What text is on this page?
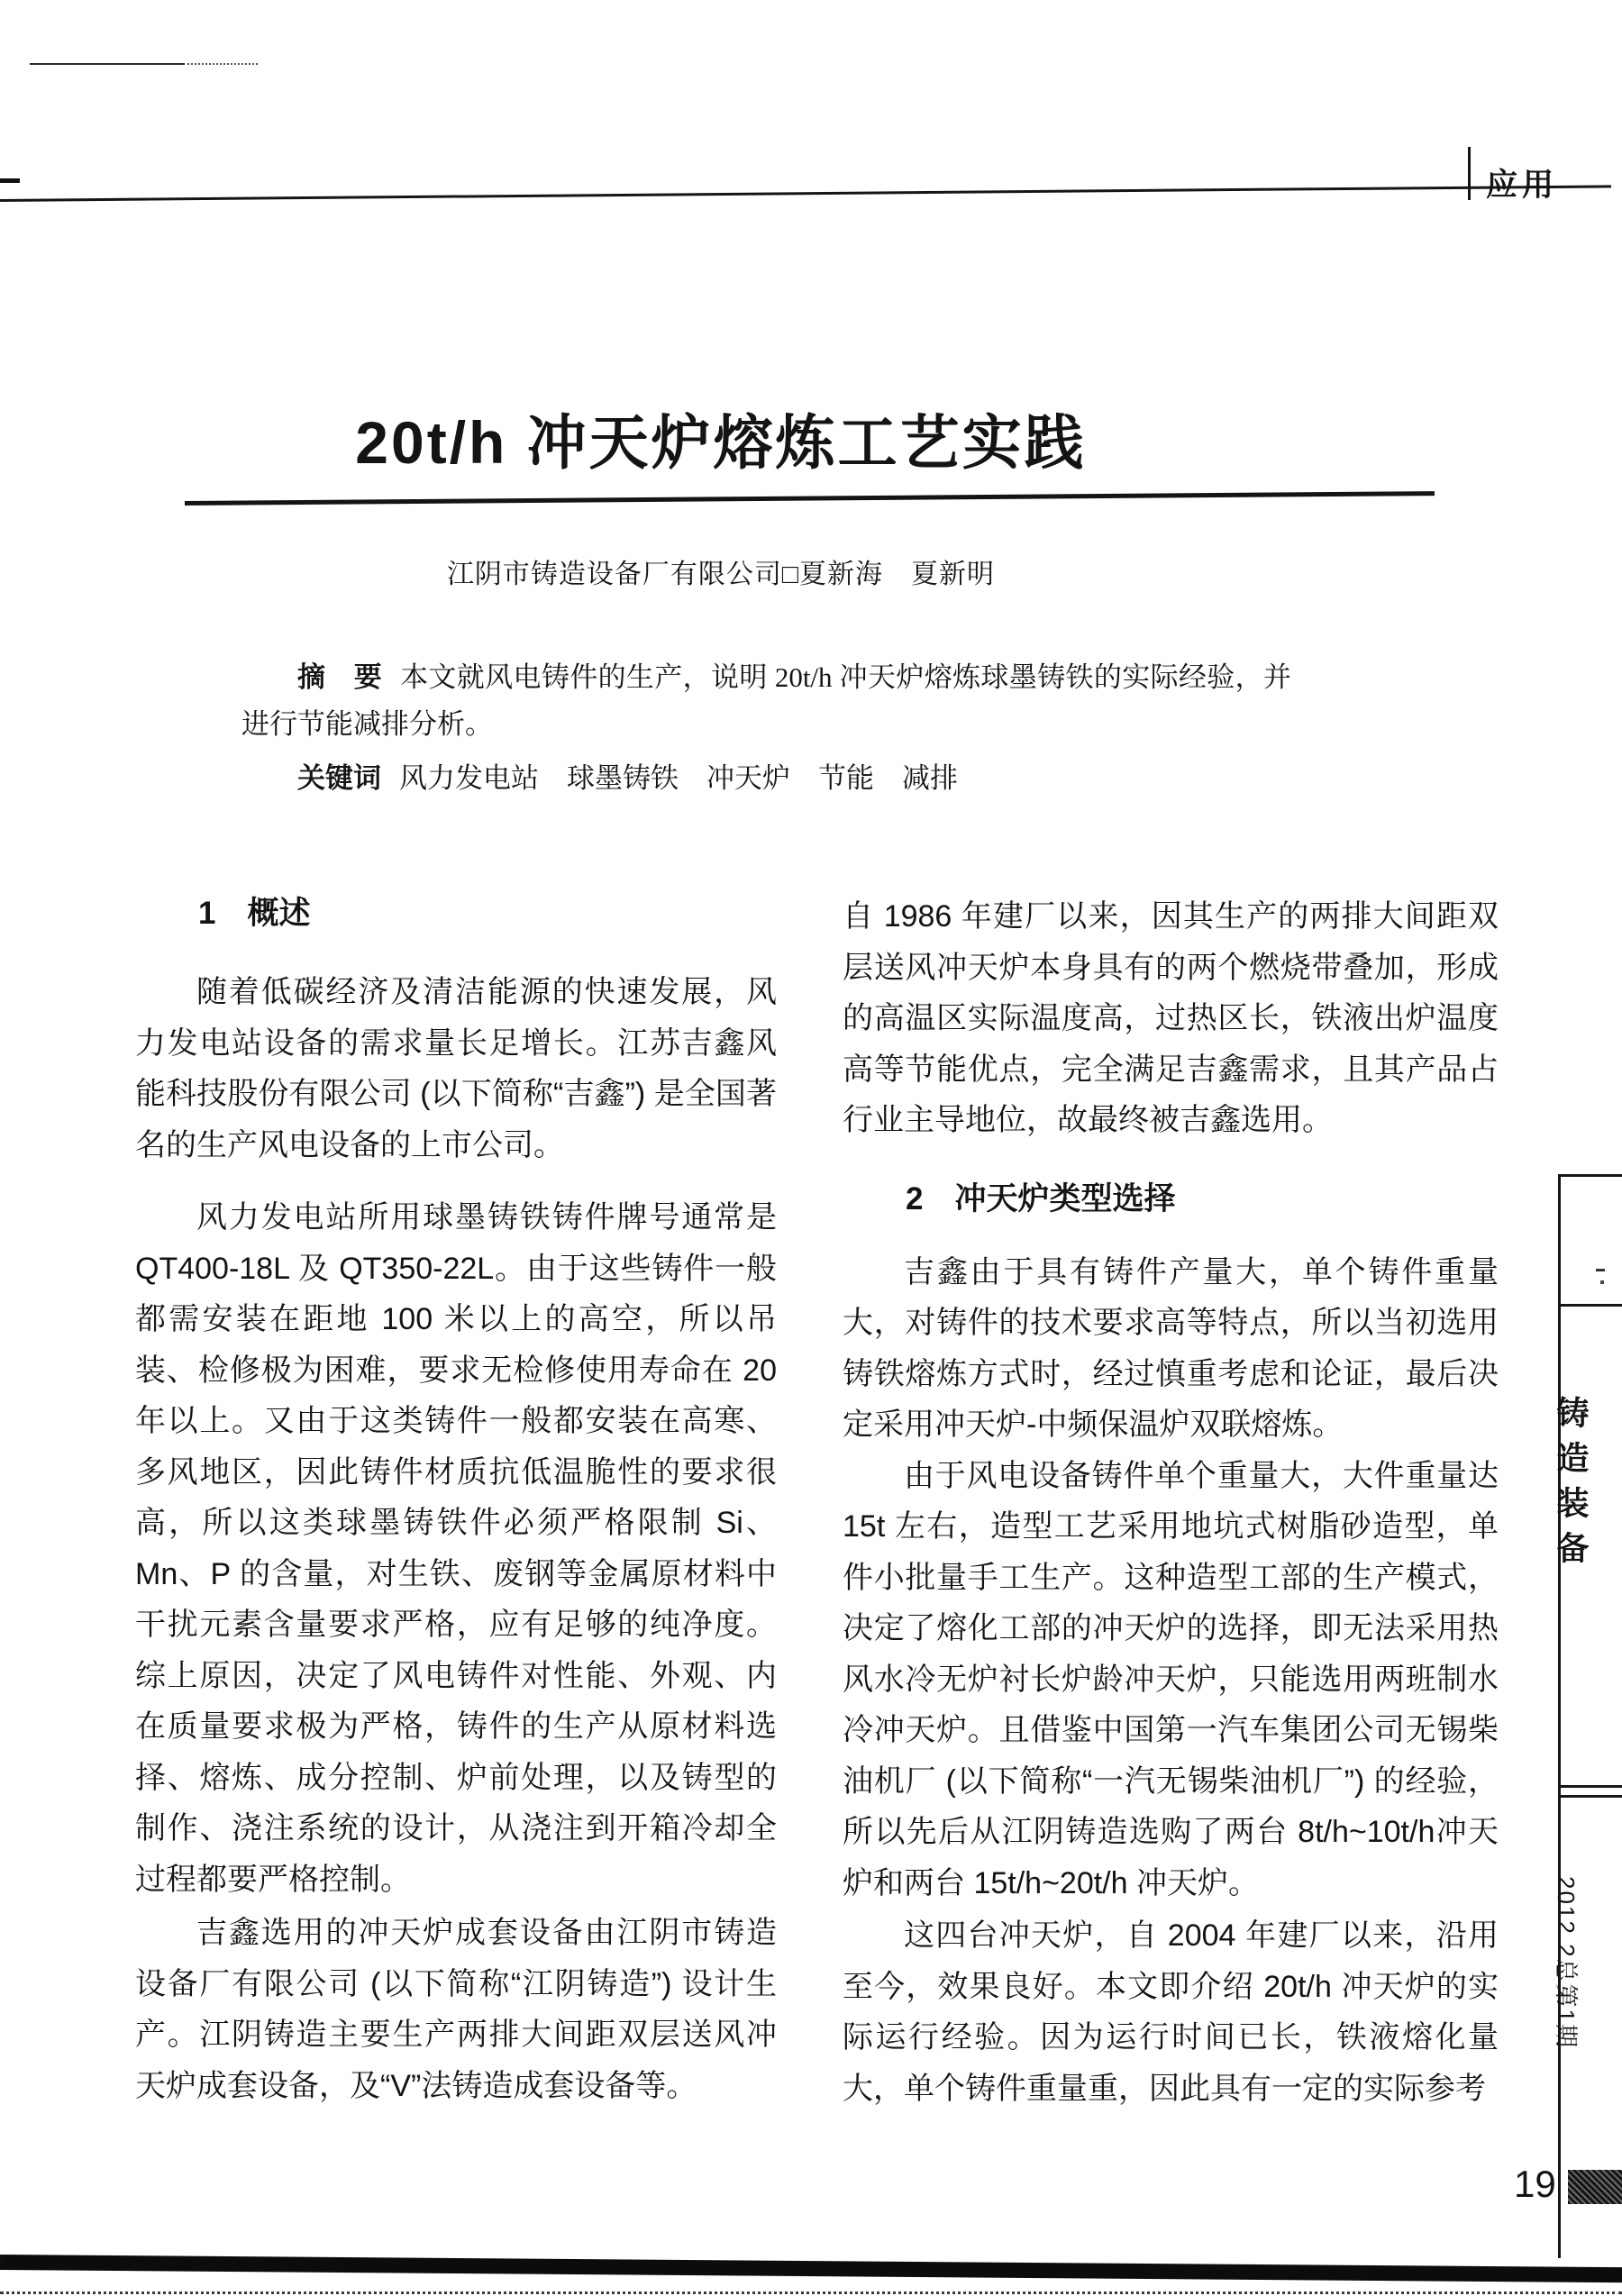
应用
20t/h 冲天炉熔炼工艺实践
江阴市铸造设备厂有限公司□夏新海　夏新明
摘　要 本文就风电铸件的生产，说明 20t/h 冲天炉熔炼球墨铸铁的实际经验，并进行节能减排分析。
关键词 风力发电站　球墨铸铁　冲天炉　节能　减排
1　概述

随着低碳经济及清洁能源的快速发展，风力发电站设备的需求量长足增长。江苏吉鑫风能科技股份有限公司 (以下简称“吉鑫”) 是全国著名的生产风电设备的上市公司。

风力发电站所用球墨铸铁铸件牌号通常是QT400-18L 及 QT350-22L。由于这些铸件一般都需安装在距地 100 米以上的高空，所以吊装、检修极为困难，要求无检修使用寿命在 20年以上。又由于这类铸件一般都安装在高寒、多风地区，因此铸件材质抗低温脆性的要求很高，所以这类球墨铸铁件必须严格限制 Si、Mn、P 的含量，对生铁、废钢等金属原材料中干扰元素含量要求严格，应有足够的纯净度。综上原因，决定了风电铸件对性能、外观、内在质量要求极为严格，铸件的生产从原材料选择、熔炼、成分控制、炉前处理，以及铸型的制作、浇注系统的设计，从浇注到开箱冷却全过程都要严格控制。

吉鑫选用的冲天炉成套设备由江阴市铸造设备厂有限公司 (以下简称“江阴铸造”) 设计生产。江阴铸造主要生产两排大间距双层送风冲天炉成套设备，及“V”法铸造成套设备等。

自 1986 年建厂以来，因其生产的两排大间距双层送风冲天炉本身具有的两个燃烧带叠加，形成的高温区实际温度高，过热区长，铁液出炉温度高等节能优点，完全满足吉鑫需求，且其产品占行业主导地位，故最终被吉鑫选用。

2　冲天炉类型选择

吉鑫由于具有铸件产量大，单个铸件重量大，对铸件的技术要求高等特点，所以当初选用铸铁熔炼方式时，经过慎重考虑和论证，最后决定采用冲天炉-中频保温炉双联熔炼。

由于风电设备铸件单个重量大，大件重量达15t 左右，造型工艺采用地坑式树脂砂造型，单件小批量手工生产。这种造型工部的生产模式，决定了熔化工部的冲天炉的选择，即无法采用热风水冷无炉衬长炉龄冲天炉，只能选用两班制水冷冲天炉。且借鉴中国第一汽车集团公司无锡柴油机厂 (以下简称“一汽无锡柴油机厂”) 的经验，所以先后从江阴铸造选购了两台 8t/h~10t/h冲天炉和两台 15t/h~20t/h 冲天炉。

这四台冲天炉，自 2004 年建厂以来，沿用至今，效果良好。本文即介绍 20t/h 冲天炉的实际运行经验。因为运行时间已长，铁液熔化量大，单个铸件重量重，因此具有一定的实际参考

铸造装备
2012.2总第1期
19
